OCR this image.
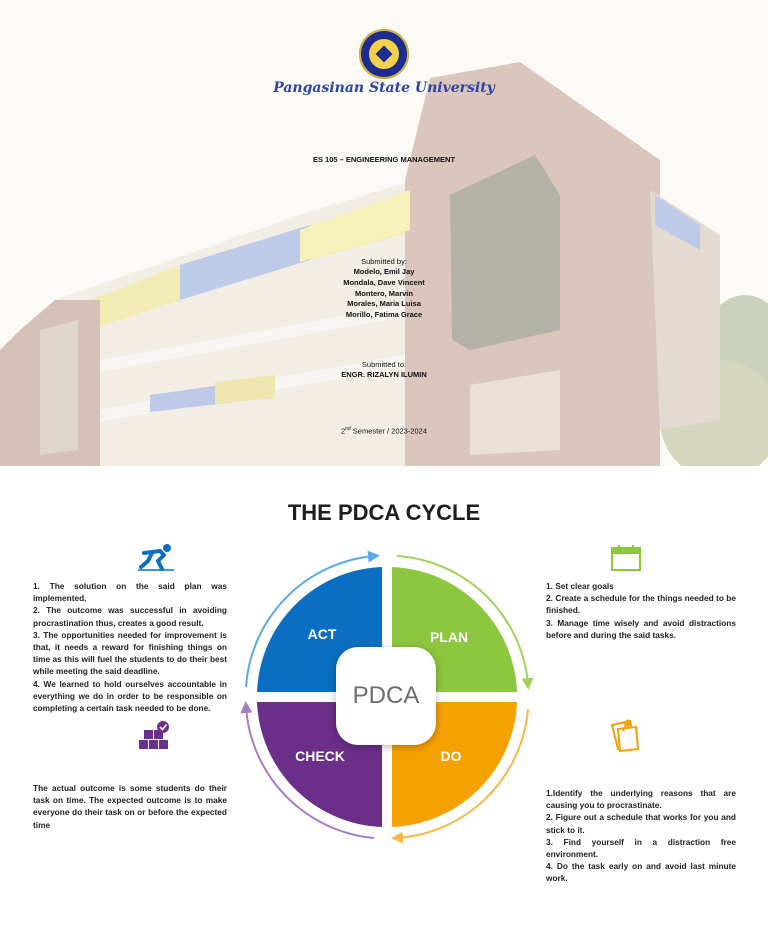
Pangasinan State University
ES 105 – ENGINEERING MANAGEMENT
Submitted by:
Modelo, Emil Jay
Mondala, Dave Vincent
Montero, Marvin
Morales, Maria Luisa
Morillo, Fatima Grace
Submitted to:
ENGR. RIZALYN ILUMIN
2nd Semester / 2023-2024
THE PDCA CYCLE
1. The solution on the said plan was implemented.
2. The outcome was successful in avoiding procrastination thus, creates a good result.
3. The opportunities needed for improvement is that, it needs a reward for finishing things on time as this will fuel the students to do their best while meeting the said deadline.
4. We learned to hold ourselves accountable in everything we do in order to be responsible on completing a certain task needed to be done.
The actual outcome is some students do their task on time. The expected outcome is to make everyone do their task on or before the expected time
1. Set clear goals
2. Create a schedule for the things needed to be finished.
3. Manage time wisely and avoid distractions before and during the said tasks.
1.Identify the underlying reasons that are causing you to procrastinate.
2. Figure out a schedule that works for you and stick to it.
3. Find yourself in a distraction free environment.
4. Do the task early on and avoid last minute work.
ACT	PLAN
CHECK	DO
PDCA
